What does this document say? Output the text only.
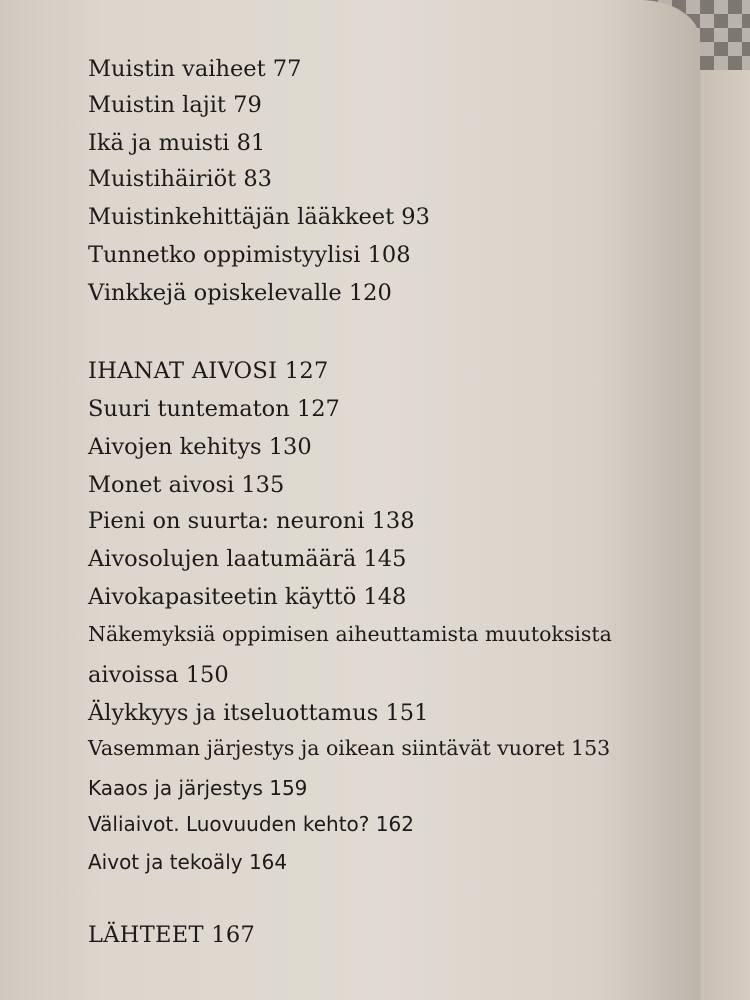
Muistin vaiheet 77
Muistin lajit 79
Ikä ja muisti 81
Muistihäiriöt 83
Muistinkehittäjän lääkkeet 93
Tunnetko oppimistyylisi 108
Vinkkejä opiskelevalle 120
IHANAT AIVOSI 127
Suuri tuntematon 127
Aivojen kehitys 130
Monet aivosi 135
Pieni on suurta: neuroni 138
Aivosolujen laatumäärä 145
Aivokapasiteetin käyttö 148
Näkemyksiä oppimisen aiheuttamista muutoksista
aivoissa 150
Älykkyys ja itseluottamus 151
Vasemman järjestys ja oikean siintävät vuoret 153
Kaaos ja järjestys 159
Väliaivot. Luovuuden kehto? 162
Aivot ja tekoäly 164
LÄHTEET 167
